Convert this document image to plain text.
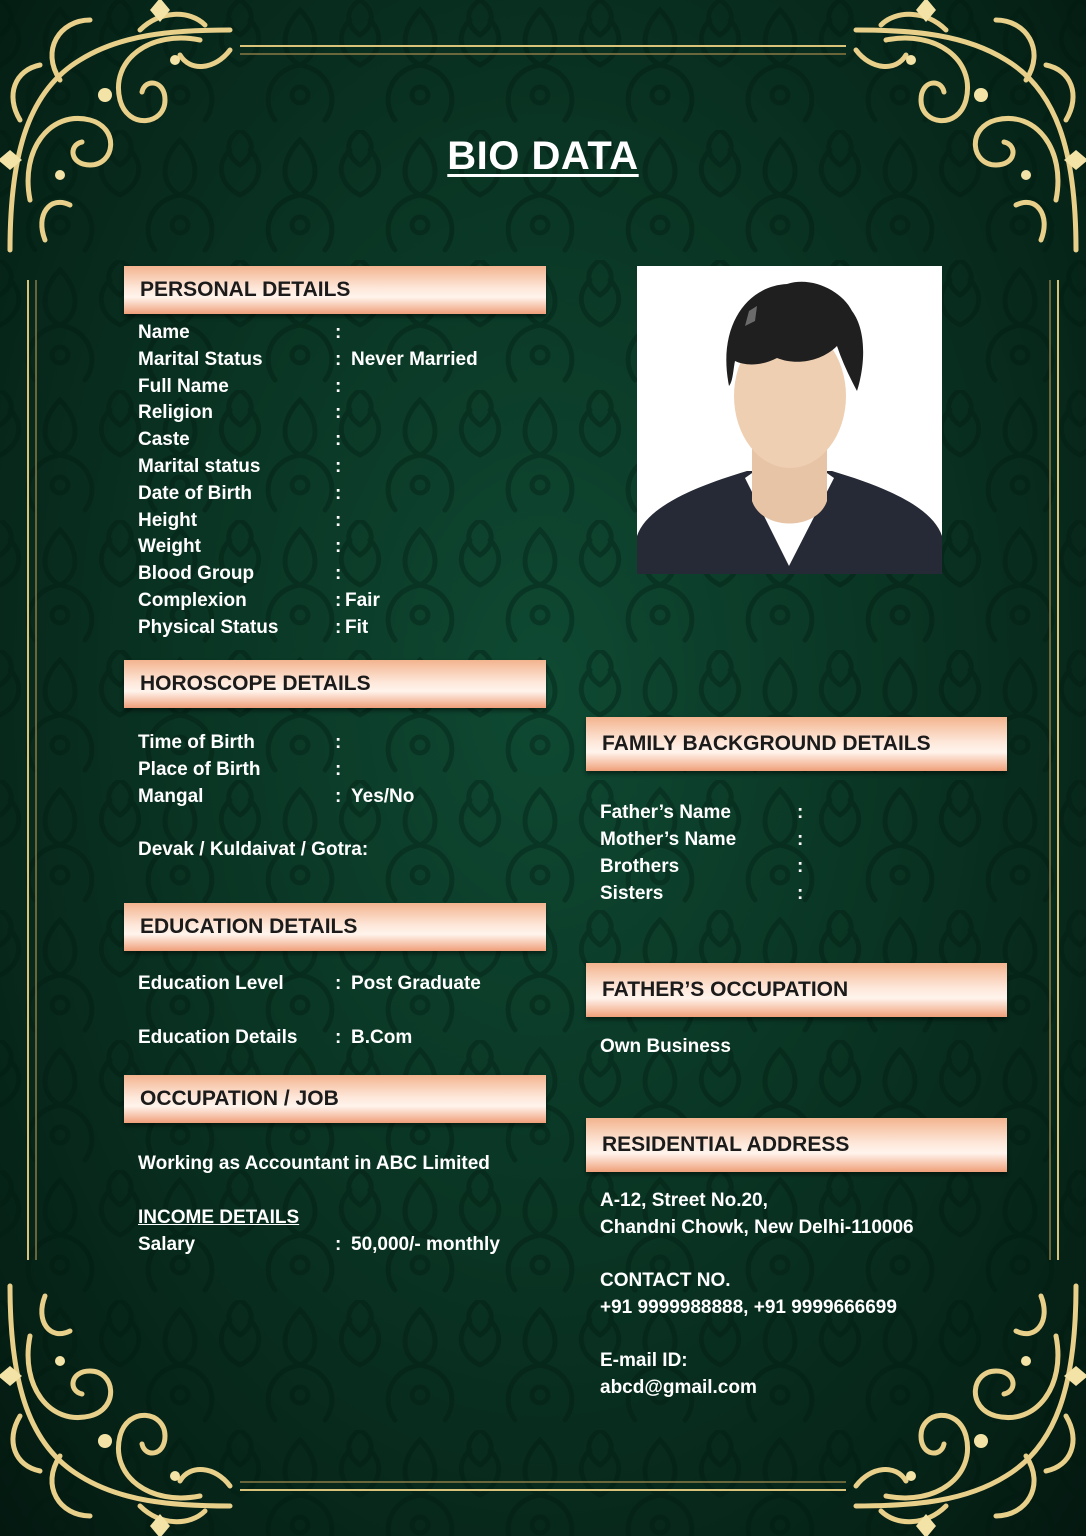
BIO DATA
PERSONAL DETAILS
Name	:
Marital Status	: Never Married
Full Name	:
Religion	:
Caste	:
Marital status	:
Date of Birth	:
Height	:
Weight	:
Blood Group	:
Complexion	: Fair
Physical Status	: Fit
HOROSCOPE DETAILS
Time of Birth	:
Place of Birth	:
Mangal	: Yes/No
Devak / Kuldaivat / Gotra:
EDUCATION DETAILS
Education Level	: Post Graduate
Education Details : B.Com
OCCUPATION / JOB
Working as Accountant in ABC Limited
INCOME DETAILS
Salary	: 50,000/- monthly
FAMILY BACKGROUND DETAILS
Father’s Name	:
Mother’s Name	:
Brothers	:
Sisters	:
FATHER’S OCCUPATION
Own Business
RESIDENTIAL ADDRESS
A-12, Street No.20,
Chandni Chowk, New Delhi-110006
CONTACT NO.
+91 9999988888, +91 9999666699
E-mail ID:
abcd@gmail.com
